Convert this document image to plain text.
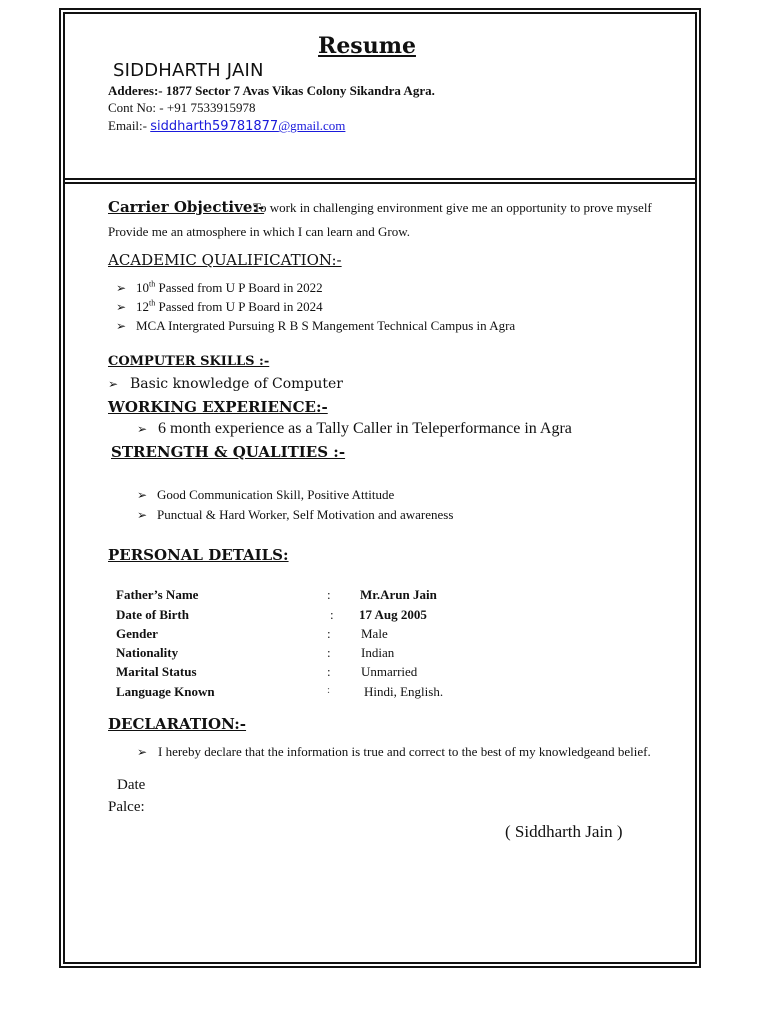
Resume
SIDDHARTH JAIN
Adderes:- 1877 Sector 7 Avas Vikas Colony Sikandra Agra.
Cont No: - +91 7533915978
Email:- siddharth59781877@gmail.com
Carrier Objective:-
To work in challenging environment give me an opportunity to prove myself
Provide me an atmosphere in which I can learn and Grow.
ACADEMIC QUALIFICATION:-
➢ 10th Passed from U P Board in 2022
➢ 12th Passed from U P Board in 2024
➢ MCA Intergrated Pursuing R B S Mangement Technical Campus in Agra
COMPUTER SKILLS :-
➢ Basic knowledge of Computer
WORKING EXPERIENCE:-
➢ 6 month experience as a Tally Caller in Teleperformance in Agra
STRENGTH & QUALITIES :-
➢ Good Communication Skill, Positive Attitude
➢ Punctual & Hard Worker, Self Motivation and awareness
PERSONAL DETAILS:
Father’s Name	: Mr.Arun Jain
Date of Birth	: 17 Aug 2005
Gender	: Male
Nationality	: Indian
Marital Status	: Unmarried
Language Known	:	Hindi, English.
DECLARATION:-
➢ I hereby declare that the information is true and correct to the best of my knowledgeand belief.
Date
Palce:
( Siddharth Jain )
